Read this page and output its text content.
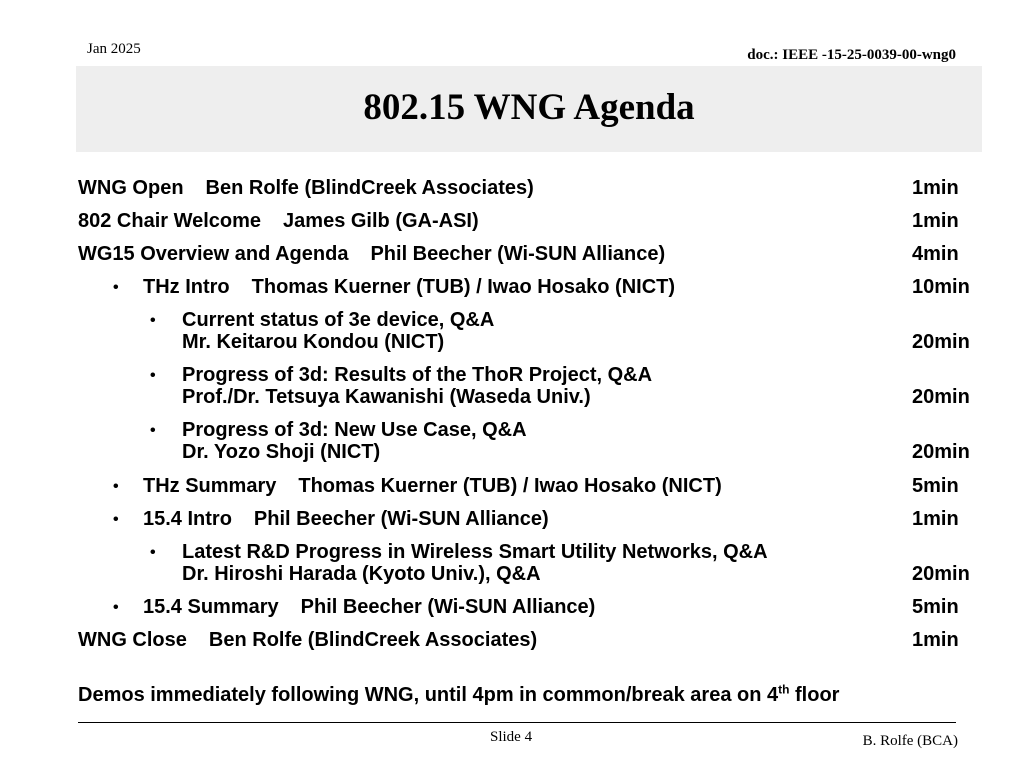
Jan 2025	doc.: IEEE -15-25-0039-00-wng0
802.15 WNG Agenda
WNG Open Ben Rolfe (BlindCreek Associates)	1min
802 Chair Welcome James Gilb (GA-ASI)	1min
WG15 Overview and Agenda Phil Beecher (Wi-SUN Alliance)	4min
• THz Intro Thomas Kuerner (TUB) / Iwao Hosako (NICT)	10min
• Current status of 3e device, Q&A
Mr. Keitarou Kondou (NICT)	20min
• Progress of 3d: Results of the ThoR Project, Q&A
Prof./Dr. Tetsuya Kawanishi (Waseda Univ.)	20min
• Progress of 3d: New Use Case, Q&A
Dr. Yozo Shoji (NICT)	20min
• THz Summary Thomas Kuerner (TUB) / Iwao Hosako (NICT)	5min
• 15.4 Intro Phil Beecher (Wi-SUN Alliance)	1min
• Latest R&D Progress in Wireless Smart Utility Networks, Q&A
Dr. Hiroshi Harada (Kyoto Univ.), Q&A	20min
• 15.4 Summary Phil Beecher (Wi-SUN Alliance)	5min
WNG Close Ben Rolfe (BlindCreek Associates)	1min
Demos immediately following WNG, until 4pm in common/break area on 4th floor
Slide 4	B. Rolfe (BCA)
